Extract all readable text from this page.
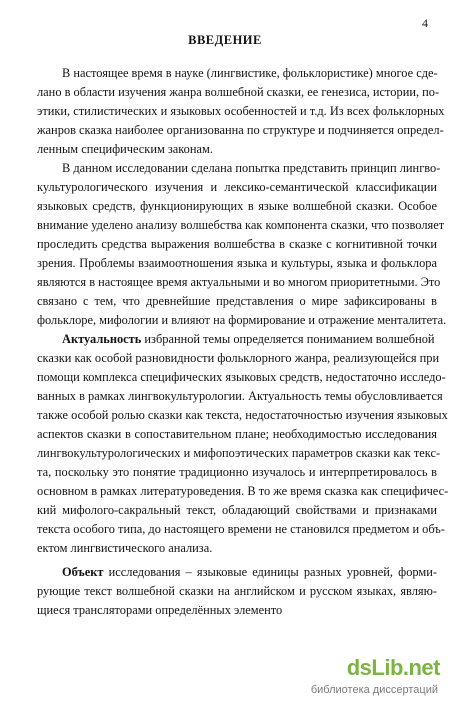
4
ВВЕДЕНИЕ
В настоящее время в науке (лингвистике, фольклористике) многое сде-
лано в области изучения жанра волшебной сказки, ее генезиса, истории, по-
этики, стилистических и языковых особенностей и т.д. Из всех фольклорных
жанров сказка наиболее организованна по структуре и подчиняется определ-
ленным специфическим законам.
В данном исследовании сделана попытка представить принцип лингво-
культурологического изучения и лексико-семантической классификации
языковых средств, функционирующих в языке волшебной сказки. Особое
внимание уделено анализу волшебства как компонента сказки, что позволяет
проследить средства выражения волшебства в сказке с когнитивной точки
зрения. Проблемы взаимоотношения языка и культуры, языка и фольклора
являются в настоящее время актуальными и во многом приоритетными. Это
связано с тем, что древнейшие представления о мире зафиксированы в
фольклоре, мифологии и влияют на формирование и отражение менталитета.
Актуальность избранной темы определяется пониманием волшебной
сказки как особой разновидности фольклорного жанра, реализующейся при
помощи комплекса специфических языковых средств, недостаточно исследо-
ванных в рамках лингвокультурологии. Актуальность темы обусловливается
также особой ролью сказки как текста, недостаточностью изучения языковых
аспектов сказки в сопоставительном плане; необходимостью исследования
лингвокультурологических и мифопоэтических параметров сказки как текс-
та, поскольку это понятие традиционно изучалось и интерпретировалось в
основном в рамках литературоведения. В то же время сказка как специфичес-
кий мифолого-сакральный текст, обладающий свойствами и признаками
текста особого типа, до настоящего времени не становился предметом и объ-
ектом лингвистического анализа.
Объект исследования – языковые единицы разных уровней, форми-
рующие текст волшебной сказки на английском и русском языках, являю-
щиеся трансляторами определённых элементо
dsLib.net
библиотека диссертаций
